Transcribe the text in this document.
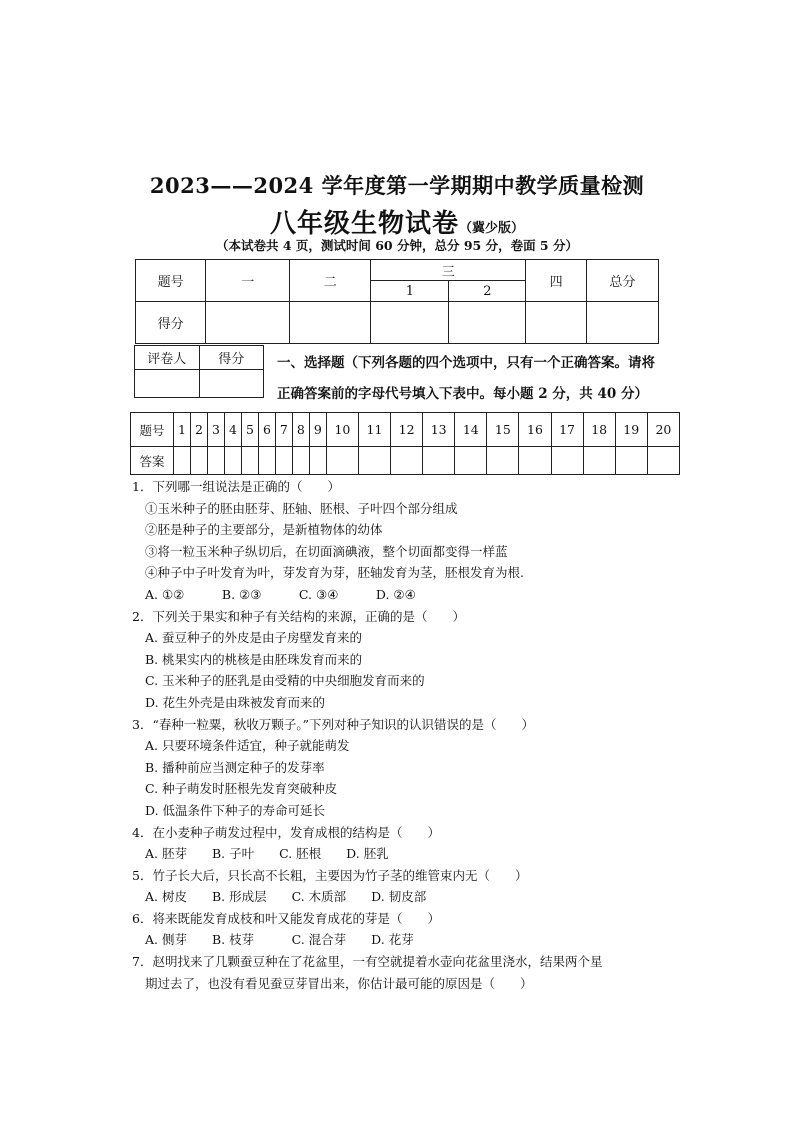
2023——2024 学年度第一学期期中教学质量检测
八年级生物试卷（冀少版）
（本试卷共 4 页，测试时间 60 分钟，总分 95 分，卷面 5 分）
题号	一	二	三		四	总分
			1	2		
得分						
评卷人	得分
	一、选择题（下列各题的四个选项中，只有一个正确答案。请将
正确答案前的字母代号填入下表中。每小题 2 分，共 40 分）
题号	1	2	3	4	5	6	7	8	9	10	11	12	13	14	15	16	17	18	19	20
答案																				
1．下列哪一组说法是正确的（　　）
①玉米种子的胚由胚芽、胚轴、胚根、子叶四个部分组成
②胚是种子的主要部分，是新植物体的幼体
③将一粒玉米种子纵切后，在切面滴碘液，整个切面都变得一样蓝
④种子中子叶发育为叶，芽发育为芽，胚轴发育为茎，胚根发育为根.
A. ①②　　　B. ②③　　　C. ③④　　　D. ②④
2．下列关于果实和种子有关结构的来源，正确的是（　　）
A. 蚕豆种子的外皮是由子房壁发育来的
B. 桃果实内的桃核是由胚珠发育而来的
C. 玉米种子的胚乳是由受精的中央细胞发育而来的
D. 花生外壳是由珠被发育而来的
3．“春种一粒粟，秋收万颗子。”下列对种子知识的认识错误的是（　　）
A. 只要环境条件适宜，种子就能萌发
B. 播种前应当测定种子的发芽率
C. 种子萌发时胚根先发育突破种皮
D. 低温条件下种子的寿命可延长
4．在小麦种子萌发过程中，发育成根的结构是（　　）
A. 胚芽　　B. 子叶　　C. 胚根　　D. 胚乳
5．竹子长大后，只长高不长粗，主要因为竹子茎的维管束内无（　　）
A. 树皮　　B. 形成层　　C. 木质部　　D. 韧皮部
6．将来既能发育成枝和叶又能发育成花的芽是（　　）
A. 侧芽　　B. 枝芽　　　C. 混合芽　　D. 花芽
7．赵明找来了几颗蚕豆种在了花盆里，一有空就提着水壶向花盆里浇水，结果两个星
期过去了，也没有看见蚕豆芽冒出来，你估计最可能的原因是（　　）
